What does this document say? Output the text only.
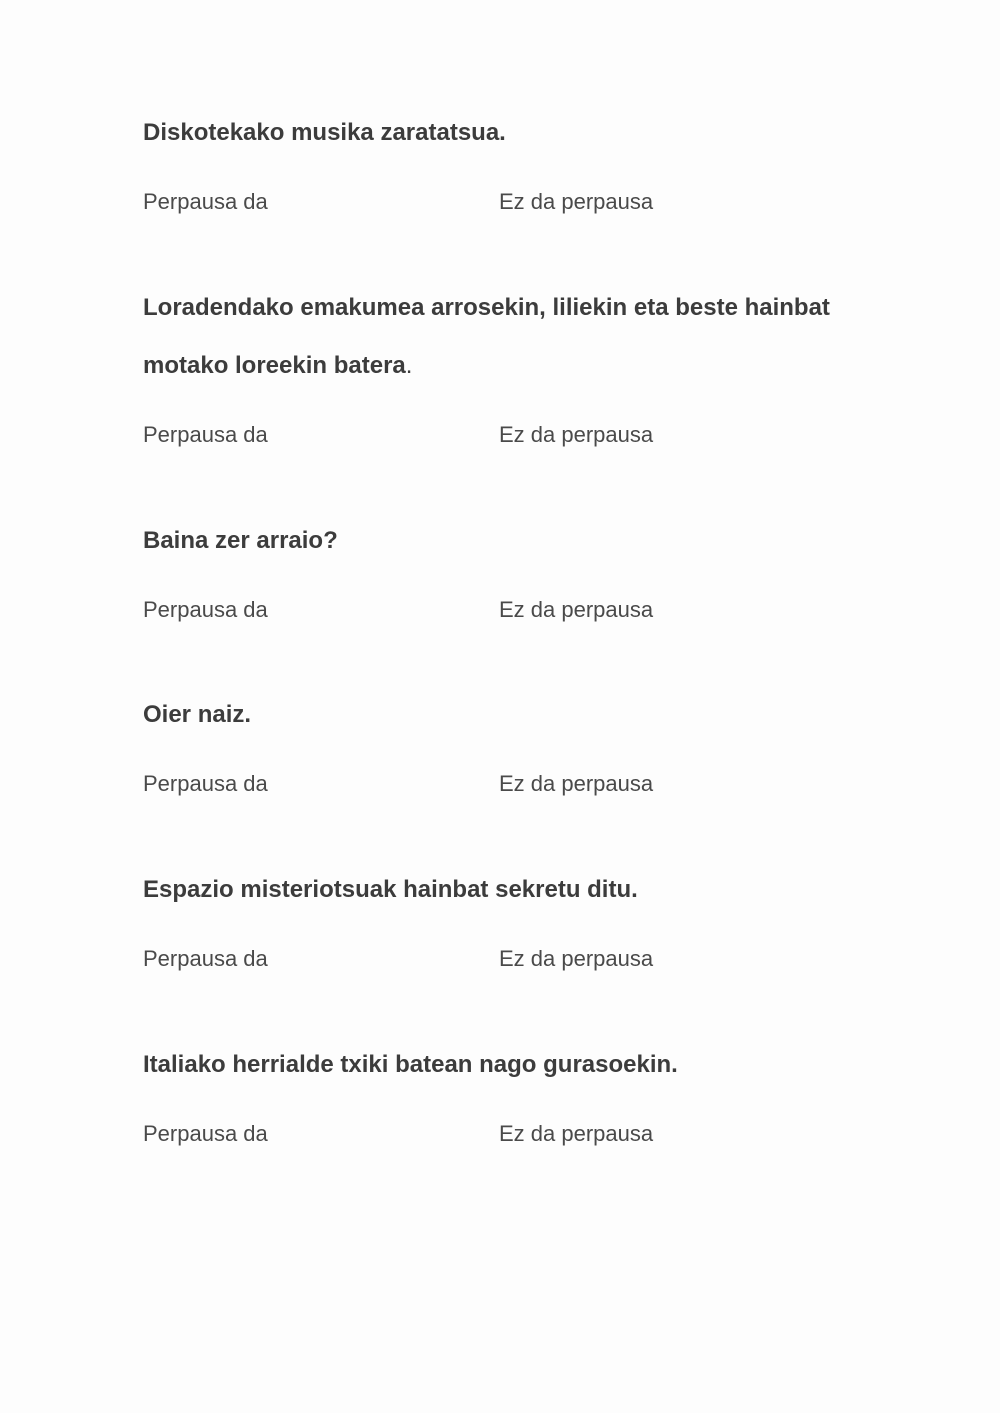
Diskotekako musika zaratatsua.

Perpausa da	Ez da perpausa

Loradendako emakumea arrosekin, liliekin eta beste hainbat motako loreekin batera.

Perpausa da	Ez da perpausa

Baina zer arraio?

Perpausa da	Ez da perpausa

Oier naiz.

Perpausa da	Ez da perpausa

Espazio misteriotsuak hainbat sekretu ditu.

Perpausa da	Ez da perpausa

Italiako herrialde txiki batean nago gurasoekin.

Perpausa da	Ez da perpausa
